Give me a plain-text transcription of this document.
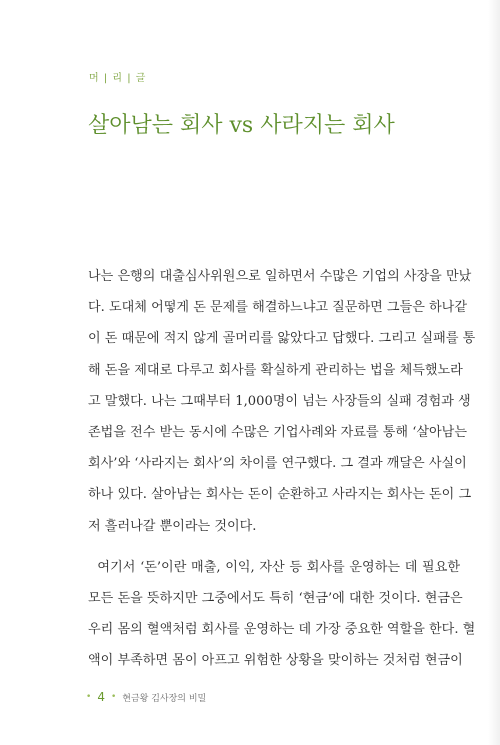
머 | 리 | 글
살아남는 회사 vs 사라지는 회사
나는 은행의 대출심사위원으로 일하면서 수많은 기업의 사장을 만났
다. 도대체 어떻게 돈 문제를 해결하느냐고 질문하면 그들은 하나같
이 돈 때문에 적지 않게 골머리를 앓았다고 답했다. 그리고 실패를 통
해 돈을 제대로 다루고 회사를 확실하게 관리하는 법을 체득했노라
고 말했다. 나는 그때부터 1,000명이 넘는 사장들의 실패 경험과 생
존법을 전수 받는 동시에 수많은 기업사례와 자료를 통해 ‘살아남는
회사’와 ‘사라지는 회사’의 차이를 연구했다. 그 결과 깨달은 사실이
하나 있다. 살아남는 회사는 돈이 순환하고 사라지는 회사는 돈이 그
저 흘러나갈 뿐이라는 것이다.
여기서 ‘돈’이란 매출, 이익, 자산 등 회사를 운영하는 데 필요한
모든 돈을 뜻하지만 그중에서도 특히 ‘현금’에 대한 것이다. 현금은
우리 몸의 혈액처럼 회사를 운영하는 데 가장 중요한 역할을 한다. 혈
액이 부족하면 몸이 아프고 위험한 상황을 맞이하는 것처럼 현금이
• 4 • 현금왕 김사장의 비밀
